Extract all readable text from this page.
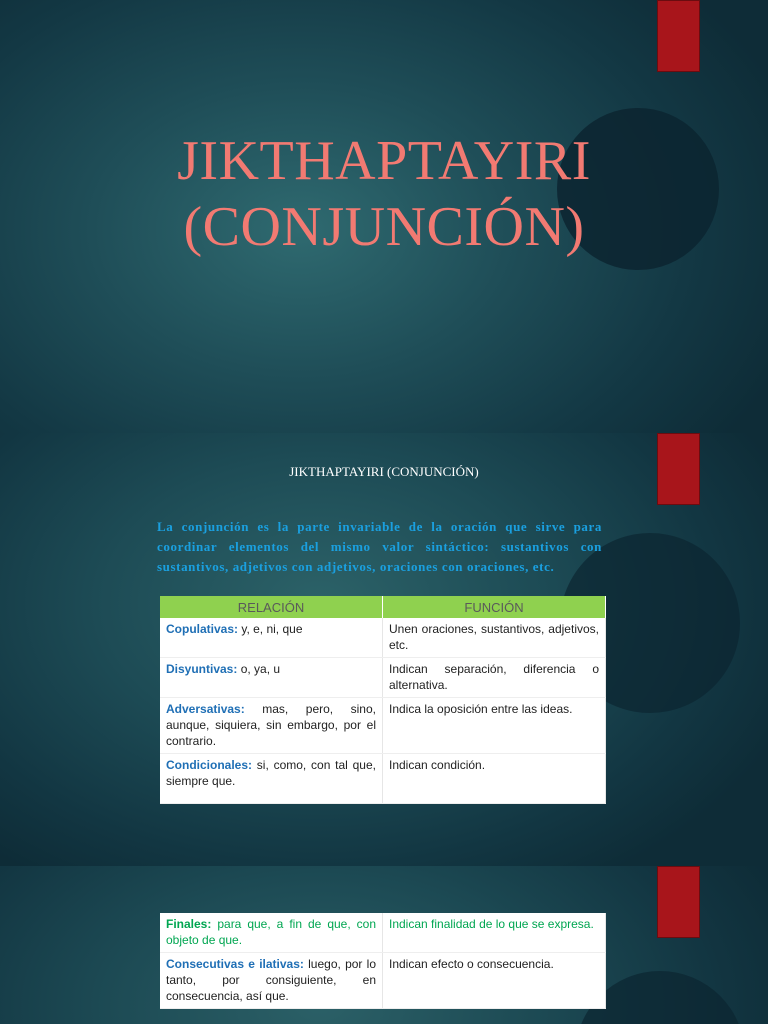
JIKTHAPTAYIRI
(CONJUNCIÓN)
JIKTHAPTAYIRI (CONJUNCIÓN)
La conjunción es la parte invariable de la oración que sirve para coordinar elementos del mismo valor sintáctico: sustantivos con sustantivos, adjetivos con adjetivos, oraciones con oraciones, etc.
RELACIÓN	FUNCIÓN
Copulativas: y, e, ni, que	Unen oraciones, sustantivos, adjetivos, etc.
Disyuntivas: o, ya, u	Indican separación, diferencia o alternativa.
Adversativas: mas, pero, sino, aunque, siquiera, sin embargo, por el contrario.	Indica la oposición entre las ideas.
Condicionales: si, como, con tal que, siempre que.	Indican condición.
Finales: para que, a fin de que, con objeto de que.	Indican finalidad de lo que se expresa.
Consecutivas e ilativas: luego, por lo tanto, por consiguiente, en consecuencia, así que.	Indican efecto o consecuencia.
